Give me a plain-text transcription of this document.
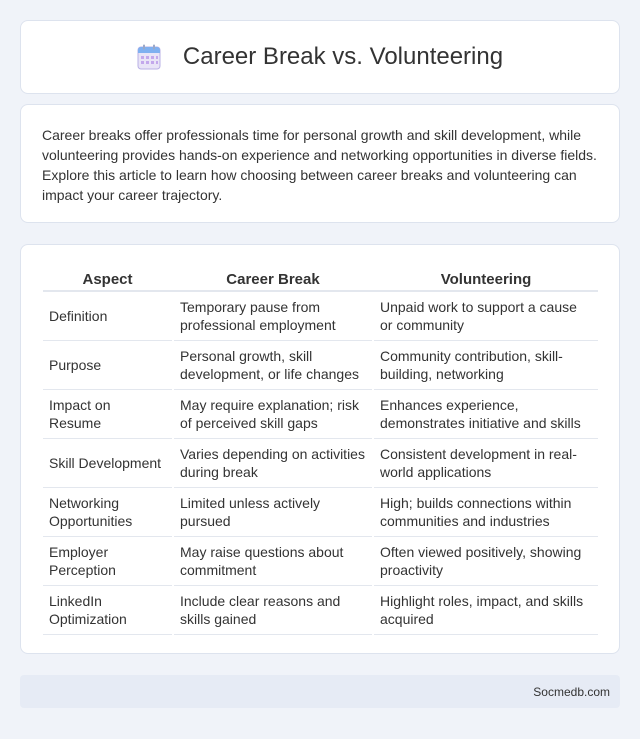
Career Break vs. Volunteering

Career breaks offer professionals time for personal growth and skill development, while volunteering provides hands-on experience and networking opportunities in diverse fields. Explore this article to learn how choosing between career breaks and volunteering can impact your career trajectory.

Aspect	Career Break	Volunteering
Definition	Temporary pause from professional employment	Unpaid work to support a cause or community
Purpose	Personal growth, skill development, or life changes	Community contribution, skill-building, networking
Impact on Resume	May require explanation; risk of perceived skill gaps	Enhances experience, demonstrates initiative and skills
Skill Development	Varies depending on activities during break	Consistent development in real-world applications
Networking Opportunities	Limited unless actively pursued	High; builds connections within communities and industries
Employer Perception	May raise questions about commitment	Often viewed positively, showing proactivity
LinkedIn Optimization	Include clear reasons and skills gained	Highlight roles, impact, and skills acquired
Socmedb.com
